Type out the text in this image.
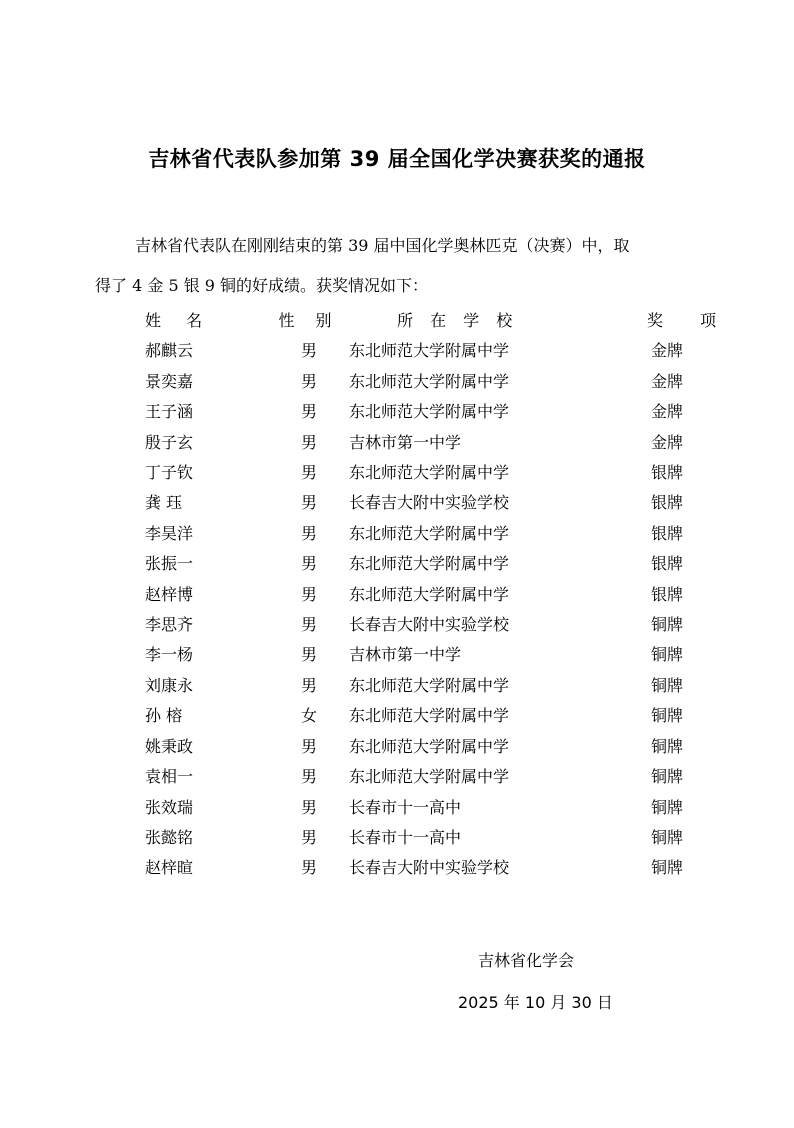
吉林省代表队参加第 39 届全国化学决赛获奖的通报
吉林省代表队在刚刚结束的第 39 届中国化学奥林匹克（决赛）中，取
得了 4 金 5 银 9 铜的好成绩。获奖情况如下：
姓 名	性 别	所 在 学 校	奖 项
郝麒云	男	东北师范大学附属中学	金牌
景奕嘉	男	东北师范大学附属中学	金牌
王子涵	男	东北师范大学附属中学	金牌
殷子玄	男	吉林市第一中学	金牌
丁子钦	男	东北师范大学附属中学	银牌
龚 珏	男	长春吉大附中实验学校	银牌
李昊洋	男	东北师范大学附属中学	银牌
张振一	男	东北师范大学附属中学	银牌
赵梓博	男	东北师范大学附属中学	银牌
李思齐	男	长春吉大附中实验学校	铜牌
李一杨	男	吉林市第一中学	铜牌
刘康永	男	东北师范大学附属中学	铜牌
孙 榕	女	东北师范大学附属中学	铜牌
姚秉政	男	东北师范大学附属中学	铜牌
袁相一	男	东北师范大学附属中学	铜牌
张效瑞	男	长春市十一高中	铜牌
张懿铭	男	长春市十一高中	铜牌
赵梓暄	男	长春吉大附中实验学校	铜牌
吉林省化学会
2025 年 10 月 30 日
